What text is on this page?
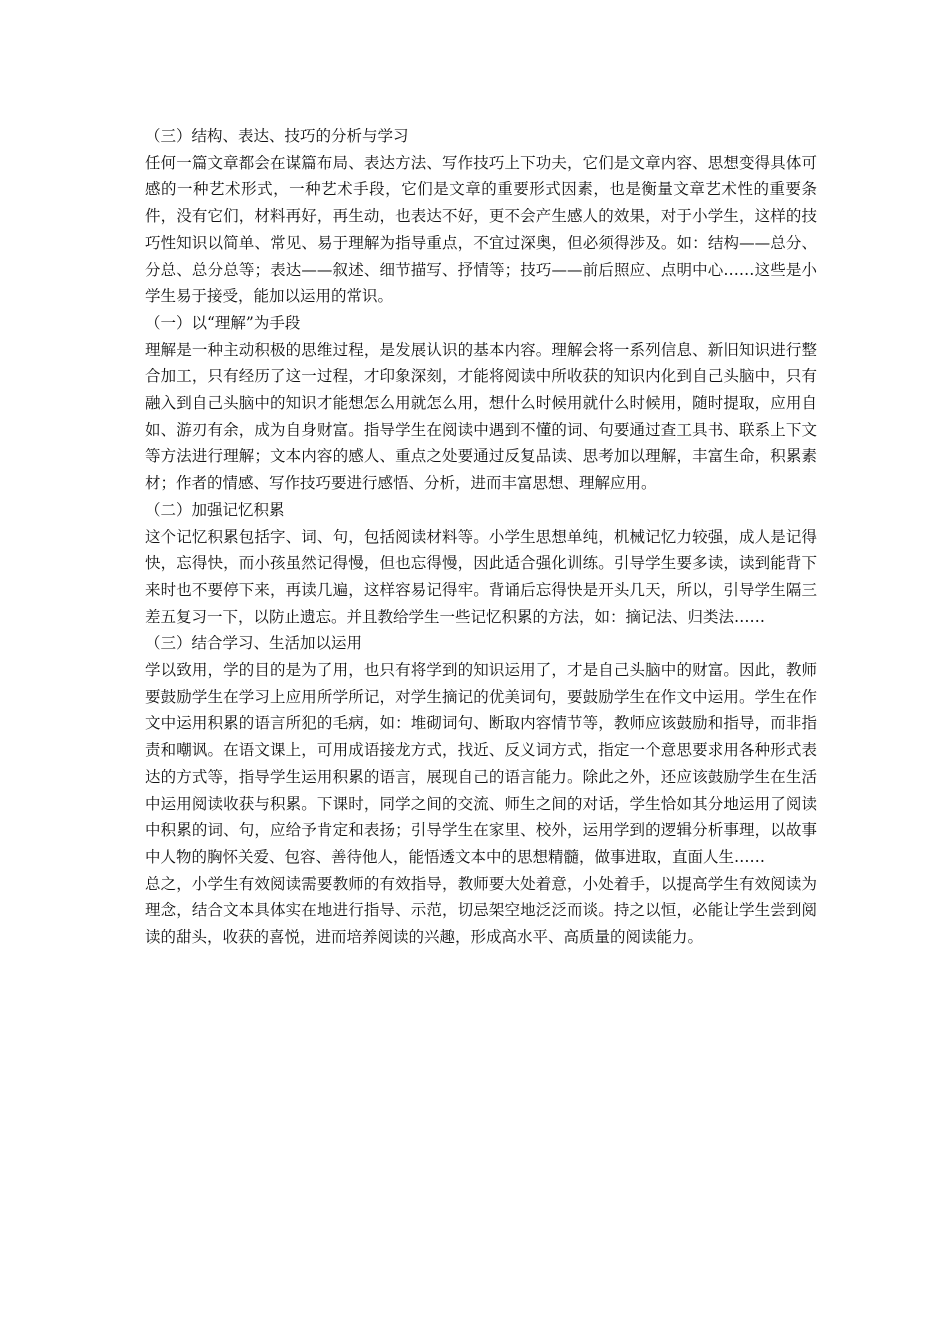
（三）结构、表达、技巧的分析与学习

任何一篇文章都会在谋篇布局、表达方法、写作技巧上下功夫，它们是文章内容、思想变得具体可感的一种艺术形式，一种艺术手段，它们是文章的重要形式因素，也是衡量文章艺术性的重要条件，没有它们，材料再好，再生动，也表达不好，更不会产生感人的效果，对于小学生，这样的技巧性知识以简单、常见、易于理解为指导重点，不宜过深奥，但必须得涉及。如：结构——总分、分总、总分总等；表达——叙述、细节描写、抒情等；技巧——前后照应、点明中心……这些是小学生易于接受，能加以运用的常识。

（一）以“理解”为手段

理解是一种主动积极的思维过程，是发展认识的基本内容。理解会将一系列信息、新旧知识进行整合加工，只有经历了这一过程，才印象深刻，才能将阅读中所收获的知识内化到自己头脑中，只有融入到自己头脑中的知识才能想怎么用就怎么用，想什么时候用就什么时候用，随时提取，应用自如、游刃有余，成为自身财富。指导学生在阅读中遇到不懂的词、句要通过查工具书、联系上下文等方法进行理解；文本内容的感人、重点之处要通过反复品读、思考加以理解，丰富生命，积累素材；作者的情感、写作技巧要进行感悟、分析，进而丰富思想、理解应用。

（二）加强记忆积累

这个记忆积累包括字、词、句，包括阅读材料等。小学生思想单纯，机械记忆力较强，成人是记得快，忘得快，而小孩虽然记得慢，但也忘得慢，因此适合强化训练。引导学生要多读，读到能背下来时也不要停下来，再读几遍，这样容易记得牢。背诵后忘得快是开头几天，所以，引导学生隔三差五复习一下，以防止遗忘。并且教给学生一些记忆积累的方法，如：摘记法、归类法……

（三）结合学习、生活加以运用

学以致用，学的目的是为了用，也只有将学到的知识运用了，才是自己头脑中的财富。因此，教师要鼓励学生在学习上应用所学所记，对学生摘记的优美词句，要鼓励学生在作文中运用。学生在作文中运用积累的语言所犯的毛病，如：堆砌词句、断取内容情节等，教师应该鼓励和指导，而非指责和嘲讽。在语文课上，可用成语接龙方式，找近、反义词方式，指定一个意思要求用各种形式表达的方式等，指导学生运用积累的语言，展现自己的语言能力。除此之外，还应该鼓励学生在生活中运用阅读收获与积累。下课时，同学之间的交流、师生之间的对话，学生恰如其分地运用了阅读中积累的词、句，应给予肯定和表扬；引导学生在家里、校外，运用学到的逻辑分析事理，以故事中人物的胸怀关爱、包容、善待他人，能悟透文本中的思想精髓，做事进取，直面人生……

总之，小学生有效阅读需要教师的有效指导，教师要大处着意，小处着手，以提高学生有效阅读为理念，结合文本具体实在地进行指导、示范，切忌架空地泛泛而谈。持之以恒，必能让学生尝到阅读的甜头，收获的喜悦，进而培养阅读的兴趣，形成高水平、高质量的阅读能力。
